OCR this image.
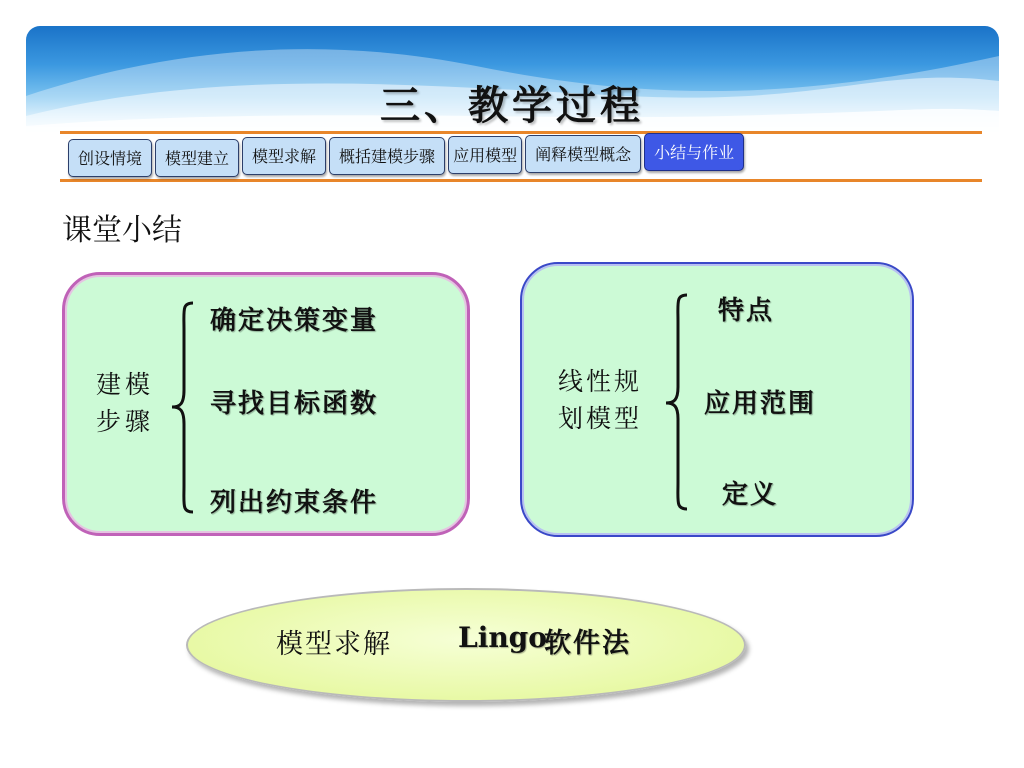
三、教学过程
创设情境	模型建立	模型求解	概括建模步骤	应用模型	阐释模型概念	小结与作业
课堂小结
建模
步骤
确定决策变量
寻找目标函数
列出约束条件
线性规
划模型
特点
应用范围
定义
模型求解 Lingo
软件法
